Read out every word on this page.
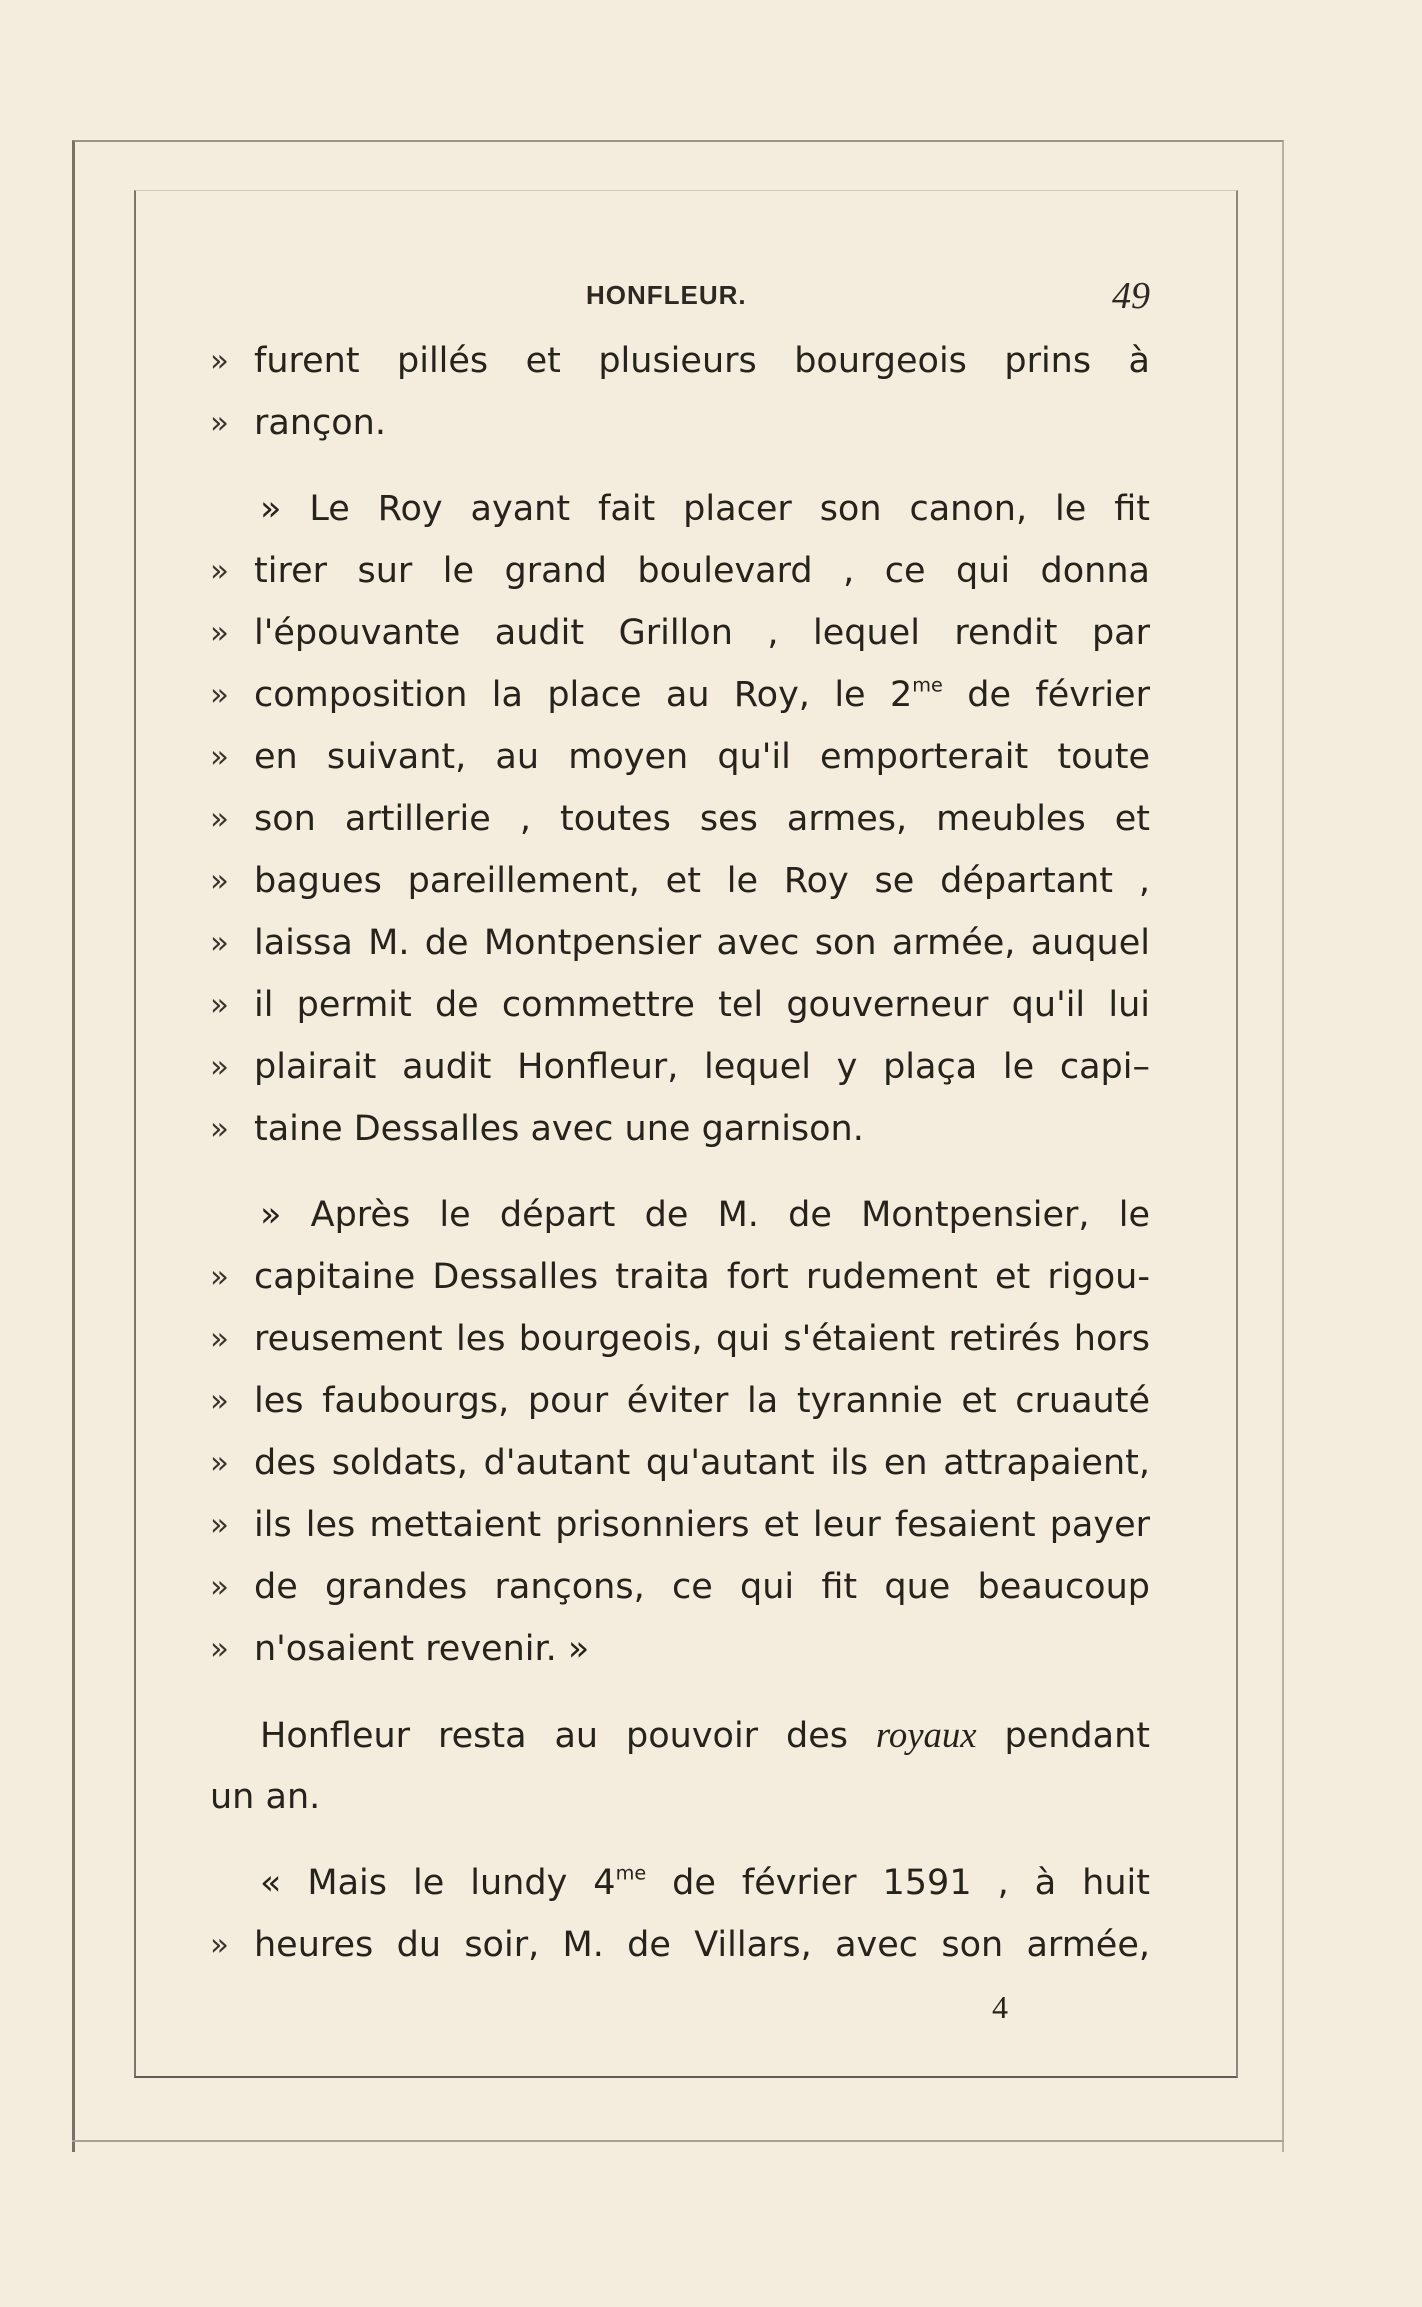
HONFLEUR.	49
» furent pillés et plusieurs bourgeois prins à
» rançon.
» Le Roy ayant fait placer son canon, le fit
» tirer sur le grand boulevard , ce qui donna
» l'épouvante audit Grillon , lequel rendit par
» composition la place au Roy, le $2^{me}$ de février
» en suivant, au moyen qu'il emporterait toute
» son artillerie , toutes ses armes, meubles et
» bagues pareillement, et le Roy se départant ,
» laissa M. de Montpensier avec son armée, auquel
» il permit de commettre tel gouverneur qu'il lui
» plairait audit Honfleur, lequel y plaça le capi–
» taine Dessalles avec une garnison.
» Après le départ de M. de Montpensier, le
» capitaine Dessalles traita fort rudement et rigou-
» reusement les bourgeois, qui s'étaient retirés hors
» les faubourgs, pour éviter la tyrannie et cruauté
» des soldats, d'autant qu'autant ils en attrapaient,
» ils les mettaient prisonniers et leur fesaient payer
» de grandes rançons, ce qui fit que beaucoup
» n'osaient revenir. »
Honfleur resta au pouvoir des royaux pendant
un an.
« Mais le lundy $4^{me}$ de février 1591 , à huit
» heures du soir, M. de Villars, avec son armée,
4
